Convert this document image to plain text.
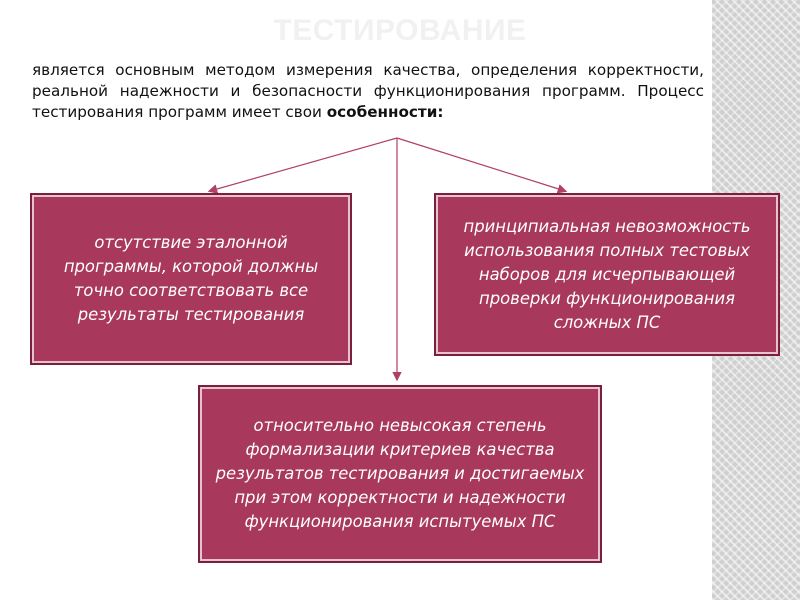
ТЕСТИРОВАНИЕ
является основным методом измерения качества, определения корректности, реальной надежности и безопасности функционирования программ. Процесс тестирования программ имеет свои особенности:
отсутствие эталонной программы, которой должны точно соответствовать все результаты тестирования
принципиальная невозможность использования полных тестовых наборов для исчерпывающей проверки функционирования сложных ПС
относительно невысокая степень формализации критериев качества результатов тестирования и достигаемых при этом корректности и надежности функционирования испытуемых ПС
